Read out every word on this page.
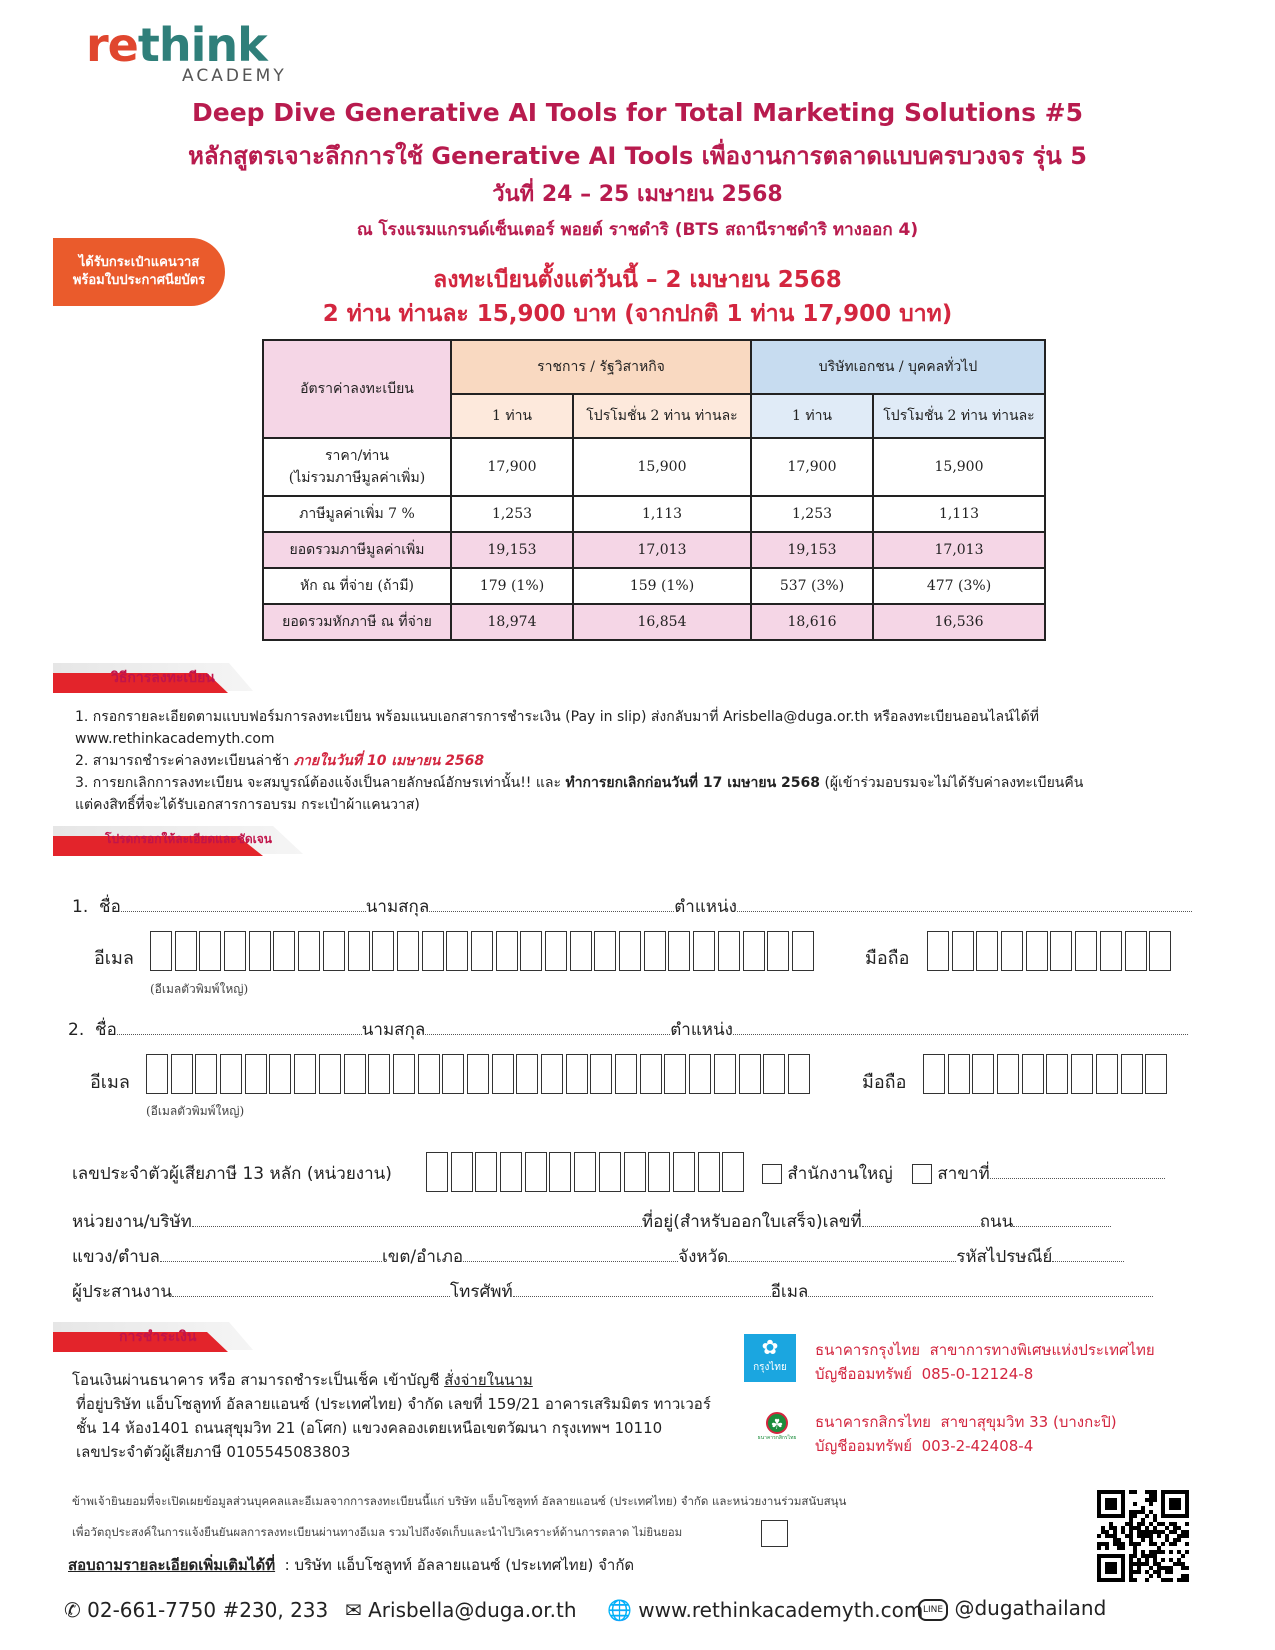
rethink
ACADEMY
Deep Dive Generative AI Tools for Total Marketing Solutions #5
หลักสูตรเจาะลึกการใช้ Generative AI Tools เพื่องานการตลาดแบบครบวงจร รุ่น 5
วันที่ 24 – 25 เมษายน 2568
ณ โรงแรมแกรนด์เซ็นเตอร์ พอยต์ ราชดำริ (BTS สถานีราชดำริ ทางออก 4)
ได้รับกระเป๋าแคนวาส
พร้อมใบประกาศนียบัตร	ลงทะเบียนตั้งแต่วันนี้ – 2 เมษายน 2568
2 ท่าน ท่านละ 15,900 บาท (จากปกติ 1 ท่าน 17,900 บาท)
อัตราค่าลงทะเบียน	ราชการ / รัฐวิสาหกิจ		บริษัทเอกชน / บุคคลทั่วไป	
	1 ท่าน	โปรโมชั่น 2 ท่าน ท่านละ	1 ท่าน	โปรโมชั่น 2 ท่าน ท่านละ

ราคา/ท่าน
(ไม่รวมภาษีมูลค่าเพิ่ม)	17,900	15,900	17,900	15,900
ภาษีมูลค่าเพิ่ม 7 %	1,253	1,113	1,253	1,113
ยอดรวมภาษีมูลค่าเพิ่ม	19,153	17,013	19,153	17,013
หัก ณ ที่จ่าย (ถ้ามี)	179 (1%)	159 (1%)	537 (3%)	477 (3%)
ยอดรวมหักภาษี ณ ที่จ่าย	18,974	16,854	18,616	16,536
วิธีการลงทะเบียน
1. กรอกรายละเอียดตามแบบฟอร์มการลงทะเบียน พร้อมแนบเอกสารการชำระเงิน (Pay in slip) ส่งกลับมาที่ Arisbella@duga.or.th หรือลงทะเบียนออนไลน์ได้ที่
www.rethinkacademyth.com
2. สามารถชำระค่าลงทะเบียนล่าช้า ภายในวันที่ 10 เมษายน 2568
3. การยกเลิกการลงทะเบียน จะสมบูรณ์ต้องแจ้งเป็นลายลักษณ์อักษรเท่านั้น!! และ ทำการยกเลิกก่อนวันที่ 17 เมษายน 2568 (ผู้เข้าร่วมอบรมจะไม่ได้รับค่าลงทะเบียนคืน
แต่คงสิทธิ์ที่จะได้รับเอกสารการอบรม กระเป๋าผ้าแคนวาส)
โปรดกรอกให้ละเอียดและชัดเจน
1. ชื่อ	นามสกุล	ตำแหน่ง
อีเมล	มือถือ
(อีเมลตัวพิมพ์ใหญ่)
2. ชื่อ	นามสกุล	ตำแหน่ง
อีเมล	มือถือ
(อีเมลตัวพิมพ์ใหญ่)
เลขประจำตัวผู้เสียภาษี 13 หลัก (หน่วยงาน)	สำนักงานใหญ่	สาขาที่
หน่วยงาน/บริษัท	ที่อยู่(สำหรับออกใบเสร็จ)เลขที่	ถนน
แขวง/ตำบล	เขต/อำเภอ	จังหวัด	รหัสไปรษณีย์
ผู้ประสานงาน	โทรศัพท์	อีเมล
การชำระเงิน
โอนเงินผ่านธนาคาร หรือ สามารถชำระเป็นเช็ค เข้าบัญชี สั่งจ่ายในนาม
ที่อยู่บริษัท แอ็บโซลูทท์ อัลลายแอนซ์ (ประเทศไทย) จำกัด เลขที่ 159/21 อาคารเสริมมิตร ทาวเวอร์
ชั้น 14 ห้อง1401 ถนนสุขุมวิท 21 (อโศก) แขวงคลองเตยเหนือเขตวัฒนา กรุงเทพฯ 10110
เลขประจำตัวผู้เสียภาษี 0105545083803
✿
กรุงไทย
ธนาคารกรุงไทย สาขาการทางพิเศษแห่งประเทศไทย
บัญชีออมทรัพย์ 085-0-12124-8
☘
ธนาคารกสิกรไทย
ธนาคารกสิกรไทย สาขาสุขุมวิท 33 (บางกะปิ)
บัญชีออมทรัพย์ 003-2-42408-4
ข้าพเจ้ายินยอมที่จะเปิดเผยข้อมูลส่วนบุคคลและอีเมลจากการลงทะเบียนนี้แก่ บริษัท แอ็บโซลูทท์ อัลลายแอนซ์ (ประเทศไทย) จำกัด และหน่วยงานร่วมสนับสนุน
เพื่อวัตถุประสงค์ในการแจ้งยืนยันผลการลงทะเบียนผ่านทางอีเมล รวมไปถึงจัดเก็บและนำไปวิเคราะห์ด้านการตลาด ไม่ยินยอม
สอบถามรายละเอียดเพิ่มเติมได้ที่ : บริษัท แอ็บโซลูทท์ อัลลายแอนซ์ (ประเทศไทย) จำกัด
✆ 02-661-7750 #230, 233 ✉ Arisbella@duga.or.th 🌐 www.rethinkacademyth.com LINE @dugathailand
